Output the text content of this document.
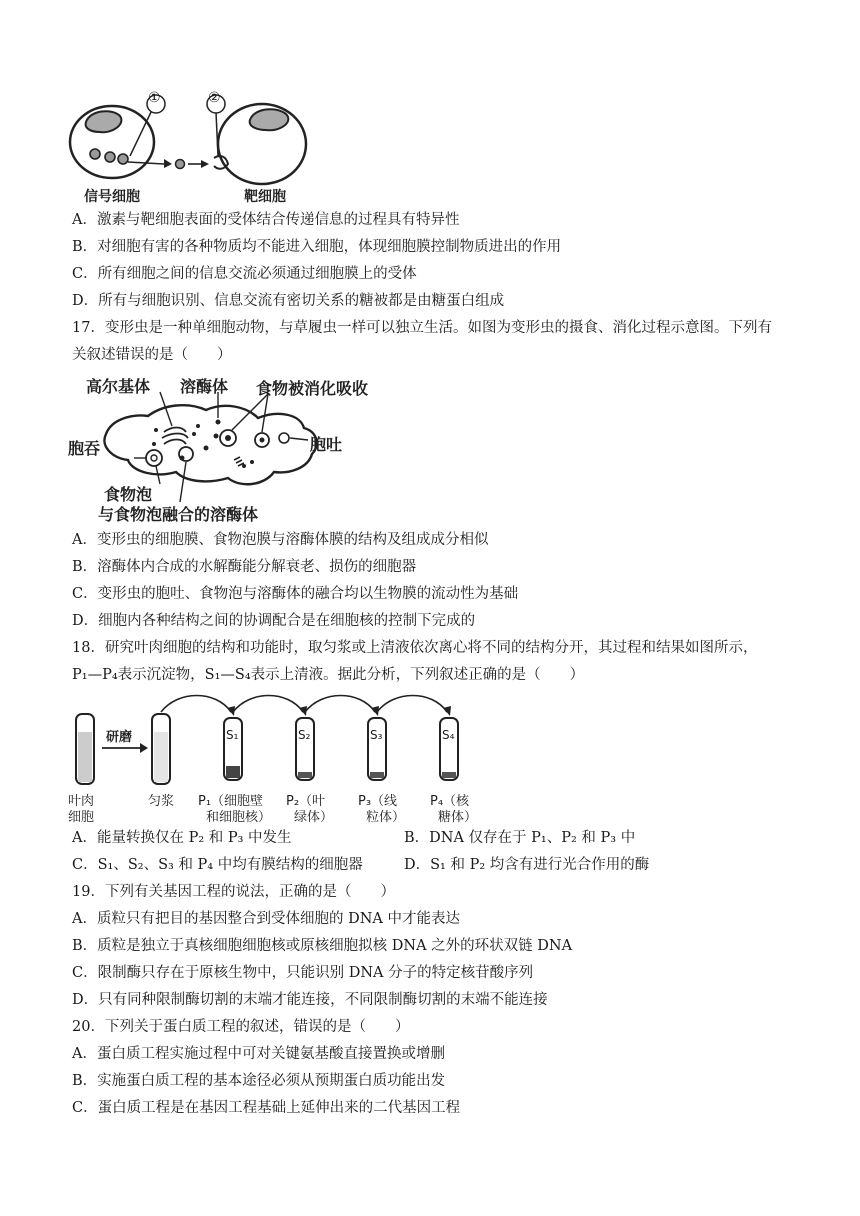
①	②
信号细胞	靶细胞
A．激素与靶细胞表面的受体结合传递信息的过程具有特异性
B．对细胞有害的各种物质均不能进入细胞，体现细胞膜控制物质进出的作用
C．所有细胞之间的信息交流必须通过细胞膜上的受体
D．所有与细胞识别、信息交流有密切关系的糖被都是由糖蛋白组成
17．变形虫是一种单细胞动物，与草履虫一样可以独立生活。如图为变形虫的摄食、消化过程示意图。下列有
关叙述错误的是（　　）
高尔基体 溶酶体 食物被消化吸收
胞吞	胞吐
食物泡
与食物泡融合的溶酶体
A．变形虫的细胞膜、食物泡膜与溶酶体膜的结构及组成成分相似
B．溶酶体内合成的水解酶能分解衰老、损伤的细胞器
C．变形虫的胞吐、食物泡与溶酶体的融合均以生物膜的流动性为基础
D．细胞内各种结构之间的协调配合是在细胞核的控制下完成的
18．研究叶肉细胞的结构和功能时，取匀浆或上清液依次离心将不同的结构分开，其过程和结果如图所示，
P₁—P₄表示沉淀物，S₁—S₄表示上清液。据此分析，下列叙述正确的是（　　）
研磨
叶肉
细胞
匀浆
S₁	S₂	S₃	S₄
P₁（细胞壁
和细胞核）
P₂（叶
绿体）
P₃（线
粒体）
P₄（核
糖体）
A．能量转换仅在 P₂ 和 P₃ 中发生	B．DNA 仅存在于 P₁、P₂ 和 P₃ 中
C．S₁、S₂、S₃ 和 P₄ 中均有膜结构的细胞器	D．S₁ 和 P₂ 均含有进行光合作用的酶
19．下列有关基因工程的说法，正确的是（　　）
A．质粒只有把目的基因整合到受体细胞的 DNA 中才能表达
B．质粒是独立于真核细胞细胞核或原核细胞拟核 DNA 之外的环状双链 DNA
C．限制酶只存在于原核生物中，只能识别 DNA 分子的特定核苷酸序列
D．只有同种限制酶切割的末端才能连接，不同限制酶切割的末端不能连接
20．下列关于蛋白质工程的叙述，错误的是（　　）
A．蛋白质工程实施过程中可对关键氨基酸直接置换或增删
B．实施蛋白质工程的基本途径必须从预期蛋白质功能出发
C．蛋白质工程是在基因工程基础上延伸出来的二代基因工程
